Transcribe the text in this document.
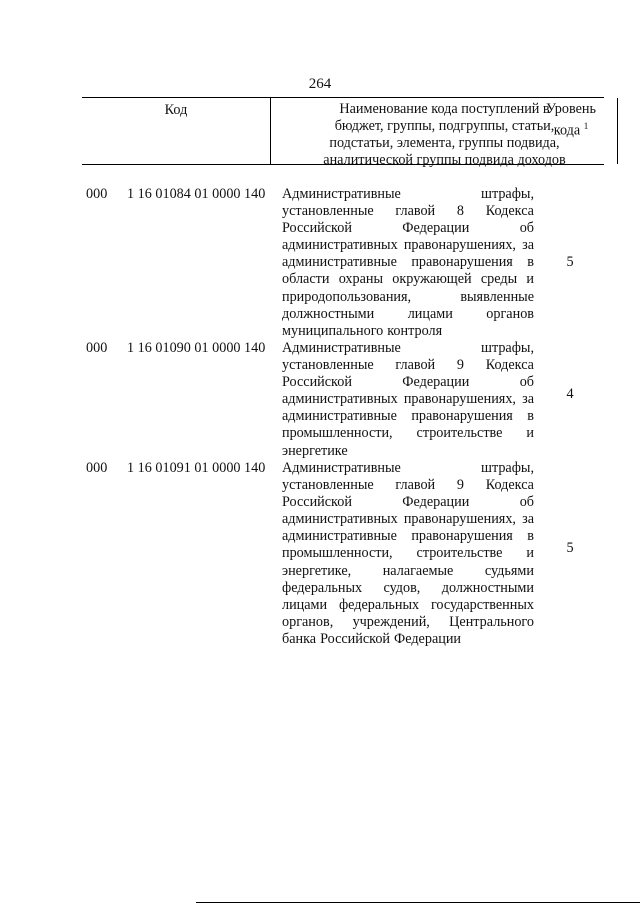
264
Код	Наименование кода поступлений в
бюджет, группы, подгруппы, статьи,
подстатьи, элемента, группы подвида,
аналитической группы подвида доходов
Уровень
кода $^1$
000	1 16 01084 01 0000 140	Административные	штрафы,
установленные главой 8 Кодекса
Российской	Федерации	об
административных правонарушениях, за
административные правонарушения в
области охраны окружающей среды и
природопользования,	выявленные
должностными лицами органов
муниципального контроля
5
000	1 16 01090 01 0000 140	Административные	штрафы,
установленные главой 9 Кодекса
Российской	Федерации	об
административных правонарушениях, за
административные правонарушения в
промышленности, строительстве и
энергетике
4
000	1 16 01091 01 0000 140	Административные	штрафы,
установленные главой 9 Кодекса
Российской	Федерации	об
административных правонарушениях, за
административные правонарушения в
промышленности, строительстве и
энергетике, налагаемые судьями
федеральных судов, должностными
лицами федеральных государственных
органов, учреждений, Центрального
банка Российской Федерации
5
